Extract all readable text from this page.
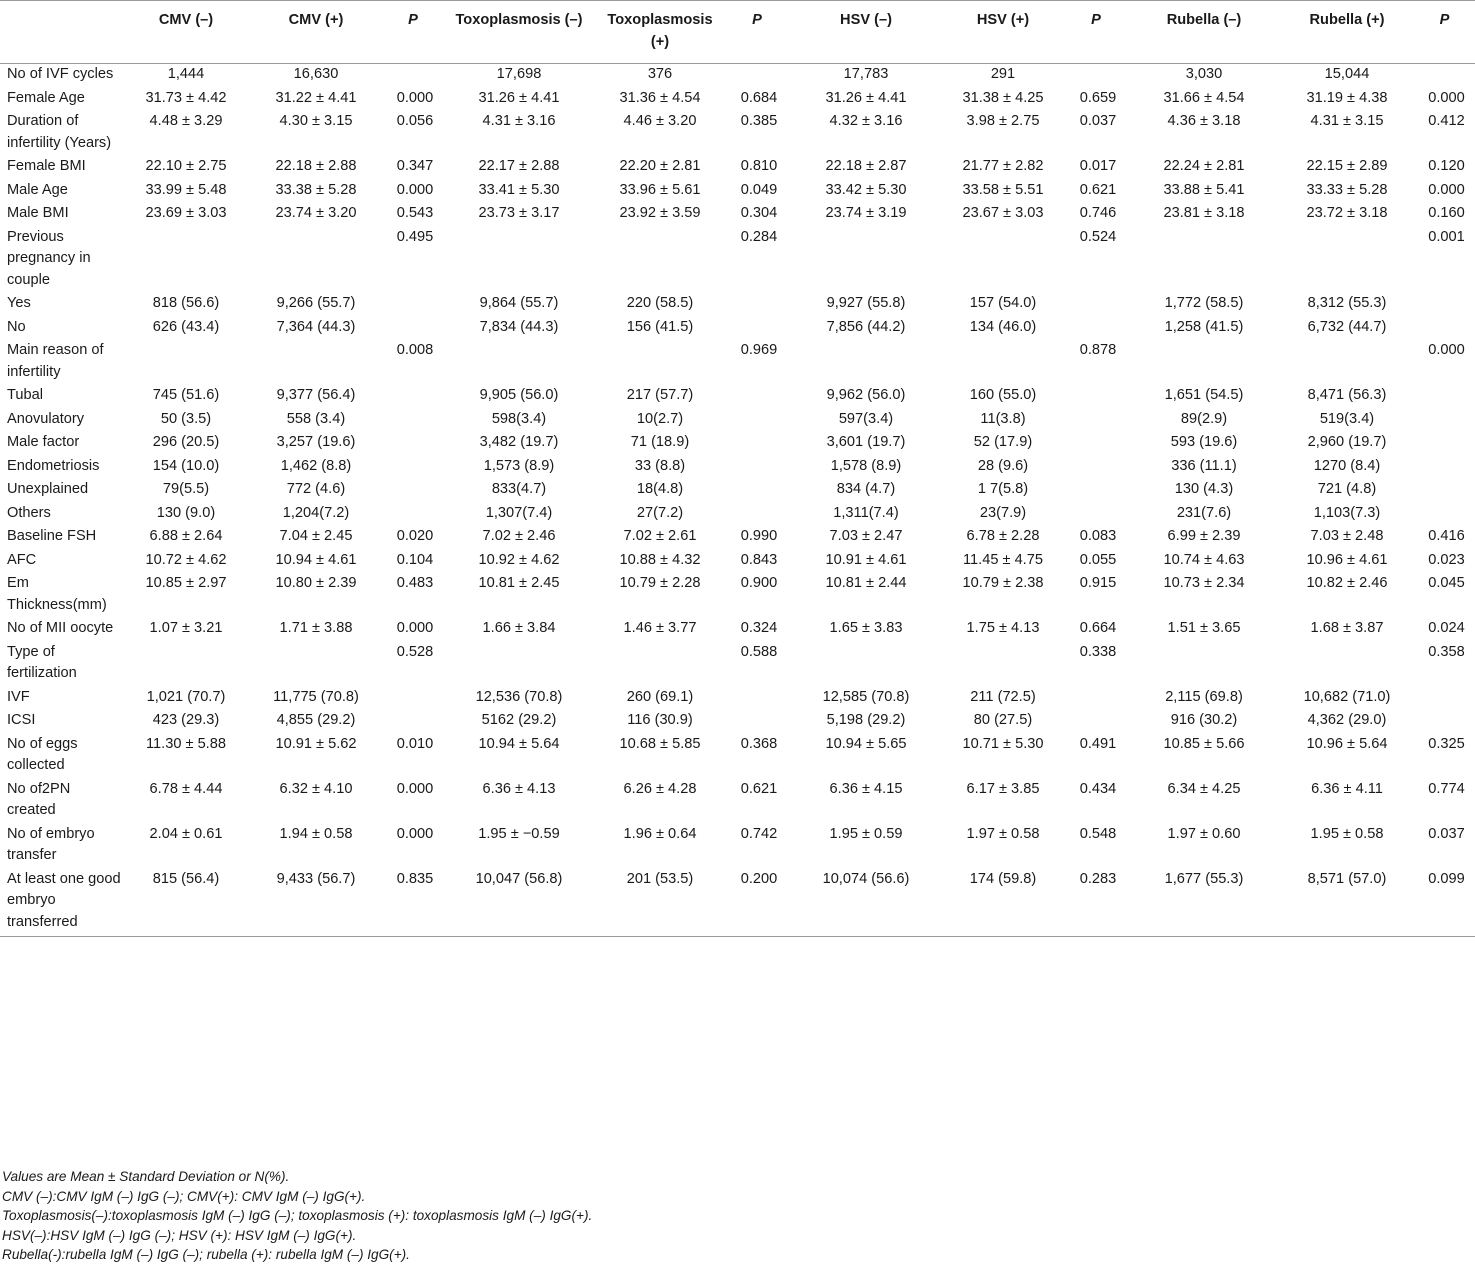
	CMV (–)	CMV (+)	P	Toxoplasmosis (–)	Toxoplasmosis (+)	P	HSV (–)	HSV (+)	P	Rubella (–)	Rubella (+)	P
No of IVF cycles	1,444	16,630		17,698	376		17,783	291		3,030	15,044	
Female Age	31.73 ± 4.42	31.22 ± 4.41	0.000	31.26 ± 4.41	31.36 ± 4.54	0.684	31.26 ± 4.41	31.38 ± 4.25	0.659	31.66 ± 4.54	31.19 ± 4.38	0.000
Duration of infertility (Years)	4.48 ± 3.29	4.30 ± 3.15	0.056	4.31 ± 3.16	4.46 ± 3.20	0.385	4.32 ± 3.16	3.98 ± 2.75	0.037	4.36 ± 3.18	4.31 ± 3.15	0.412
Female BMI	22.10 ± 2.75	22.18 ± 2.88	0.347	22.17 ± 2.88	22.20 ± 2.81	0.810	22.18 ± 2.87	21.77 ± 2.82	0.017	22.24 ± 2.81	22.15 ± 2.89	0.120
Male Age	33.99 ± 5.48	33.38 ± 5.28	0.000	33.41 ± 5.30	33.96 ± 5.61	0.049	33.42 ± 5.30	33.58 ± 5.51	0.621	33.88 ± 5.41	33.33 ± 5.28	0.000
Male BMI	23.69 ± 3.03	23.74 ± 3.20	0.543	23.73 ± 3.17	23.92 ± 3.59	0.304	23.74 ± 3.19	23.67 ± 3.03	0.746	23.81 ± 3.18	23.72 ± 3.18	0.160
Previous pregnancy in couple			0.495			0.284			0.524			0.001
Yes	818 (56.6)	9,266 (55.7)		9,864 (55.7)	220 (58.5)		9,927 (55.8)	157 (54.0)		1,772 (58.5)	8,312 (55.3)	
No	626 (43.4)	7,364 (44.3)		7,834 (44.3)	156 (41.5)		7,856 (44.2)	134 (46.0)		1,258 (41.5)	6,732 (44.7)	
Main reason of infertility			0.008			0.969			0.878			0.000
Tubal	745 (51.6)	9,377 (56.4)		9,905 (56.0)	217 (57.7)		9,962 (56.0)	160 (55.0)		1,651 (54.5)	8,471 (56.3)	
Anovulatory	50 (3.5)	558 (3.4)		598(3.4)	10(2.7)		597(3.4)	11(3.8)		89(2.9)	519(3.4)	
Male factor	296 (20.5)	3,257 (19.6)		3,482 (19.7)	71 (18.9)		3,601 (19.7)	52 (17.9)		593 (19.6)	2,960 (19.7)	
Endometriosis	154 (10.0)	1,462 (8.8)		1,573 (8.9)	33 (8.8)		1,578 (8.9)	28 (9.6)		336 (11.1)	1270 (8.4)	
Unexplained	79(5.5)	772 (4.6)		833(4.7)	18(4.8)		834 (4.7)	1 7(5.8)		130 (4.3)	721 (4.8)	
Others	130 (9.0)	1,204(7.2)		1,307(7.4)	27(7.2)		1,311(7.4)	23(7.9)		231(7.6)	1,103(7.3)	
Baseline FSH	6.88 ± 2.64	7.04 ± 2.45	0.020	7.02 ± 2.46	7.02 ± 2.61	0.990	7.03 ± 2.47	6.78 ± 2.28	0.083	6.99 ± 2.39	7.03 ± 2.48	0.416
AFC	10.72 ± 4.62	10.94 ± 4.61	0.104	10.92 ± 4.62	10.88 ± 4.32	0.843	10.91 ± 4.61	11.45 ± 4.75	0.055	10.74 ± 4.63	10.96 ± 4.61	0.023
Em Thickness(mm)	10.85 ± 2.97	10.80 ± 2.39	0.483	10.81 ± 2.45	10.79 ± 2.28	0.900	10.81 ± 2.44	10.79 ± 2.38	0.915	10.73 ± 2.34	10.82 ± 2.46	0.045
No of MII oocyte	1.07 ± 3.21	1.71 ± 3.88	0.000	1.66 ± 3.84	1.46 ± 3.77	0.324	1.65 ± 3.83	1.75 ± 4.13	0.664	1.51 ± 3.65	1.68 ± 3.87	0.024
Type of fertilization			0.528			0.588			0.338			0.358
IVF	1,021 (70.7)	11,775 (70.8)		12,536 (70.8)	260 (69.1)		12,585 (70.8)	211 (72.5)		2,115 (69.8)	10,682 (71.0)	
ICSI	423 (29.3)	4,855 (29.2)		5162 (29.2)	116 (30.9)		5,198 (29.2)	80 (27.5)		916 (30.2)	4,362 (29.0)	
No of eggs collected	11.30 ± 5.88	10.91 ± 5.62	0.010	10.94 ± 5.64	10.68 ± 5.85	0.368	10.94 ± 5.65	10.71 ± 5.30	0.491	10.85 ± 5.66	10.96 ± 5.64	0.325
No of2PN created	6.78 ± 4.44	6.32 ± 4.10	0.000	6.36 ± 4.13	6.26 ± 4.28	0.621	6.36 ± 4.15	6.17 ± 3.85	0.434	6.34 ± 4.25	6.36 ± 4.11	0.774
No of embryo transfer	2.04 ± 0.61	1.94 ± 0.58	0.000	1.95 ± −0.59	1.96 ± 0.64	0.742	1.95 ± 0.59	1.97 ± 0.58	0.548	1.97 ± 0.60	1.95 ± 0.58	0.037
At least one good embryo transferred	815 (56.4)	9,433 (56.7)	0.835	10,047 (56.8)	201 (53.5)	0.200	10,074 (56.6)	174 (59.8)	0.283	1,677 (55.3)	8,571 (57.0)	0.099
Values are Mean ± Standard Deviation or N(%).
CMV (–):CMV IgM (–) IgG (–); CMV(+): CMV IgM (–) IgG(+).
Toxoplasmosis(–):toxoplasmosis IgM (–) IgG (–); toxoplasmosis (+): toxoplasmosis IgM (–) IgG(+).
HSV(–):HSV IgM (–) IgG (–); HSV (+): HSV IgM (–) IgG(+).
Rubella(-):rubella IgM (–) IgG (–); rubella (+): rubella IgM (–) IgG(+).
